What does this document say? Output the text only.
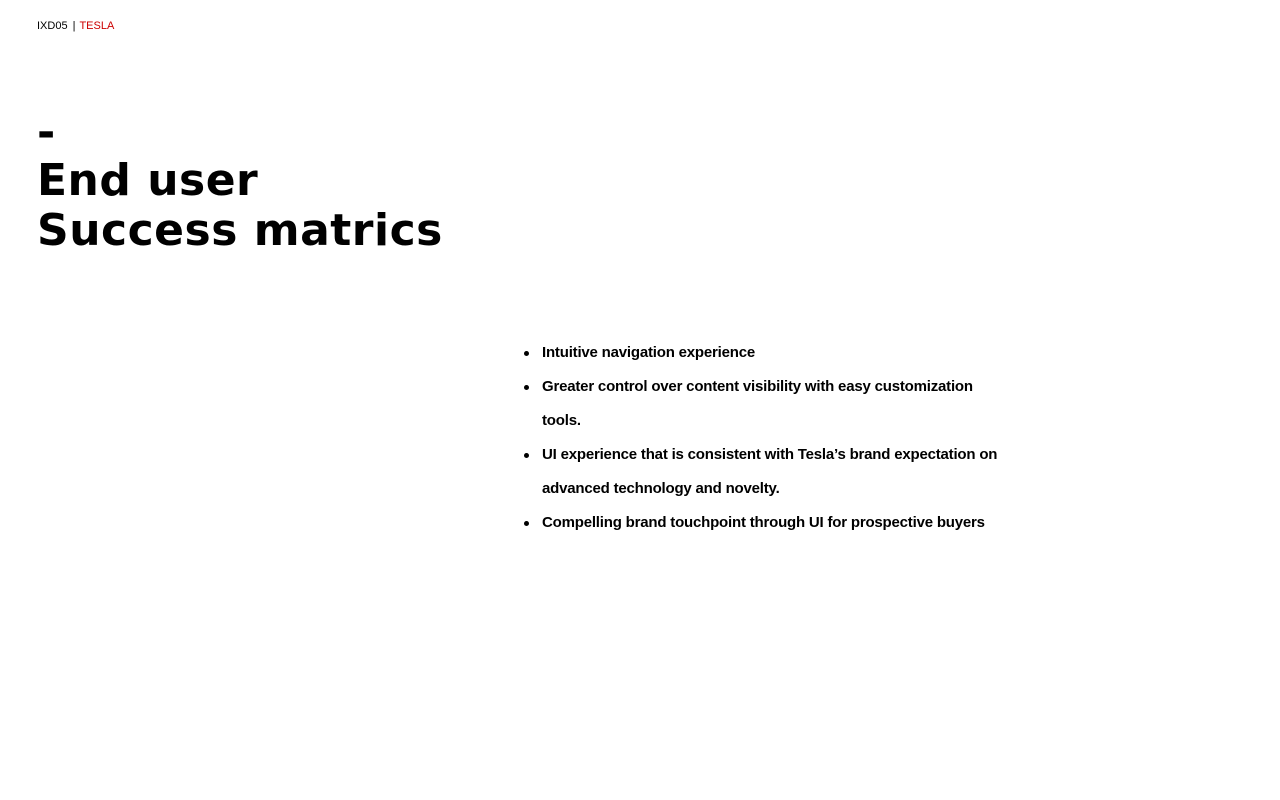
IXD05 | TESLA
-
End user
Success matrics
Intuitive navigation experience
Greater control over content visibility with easy customization tools.
UI experience that is consistent with Tesla’s brand expectation on advanced technology and novelty.
Compelling brand touchpoint through UI for prospective buyers
